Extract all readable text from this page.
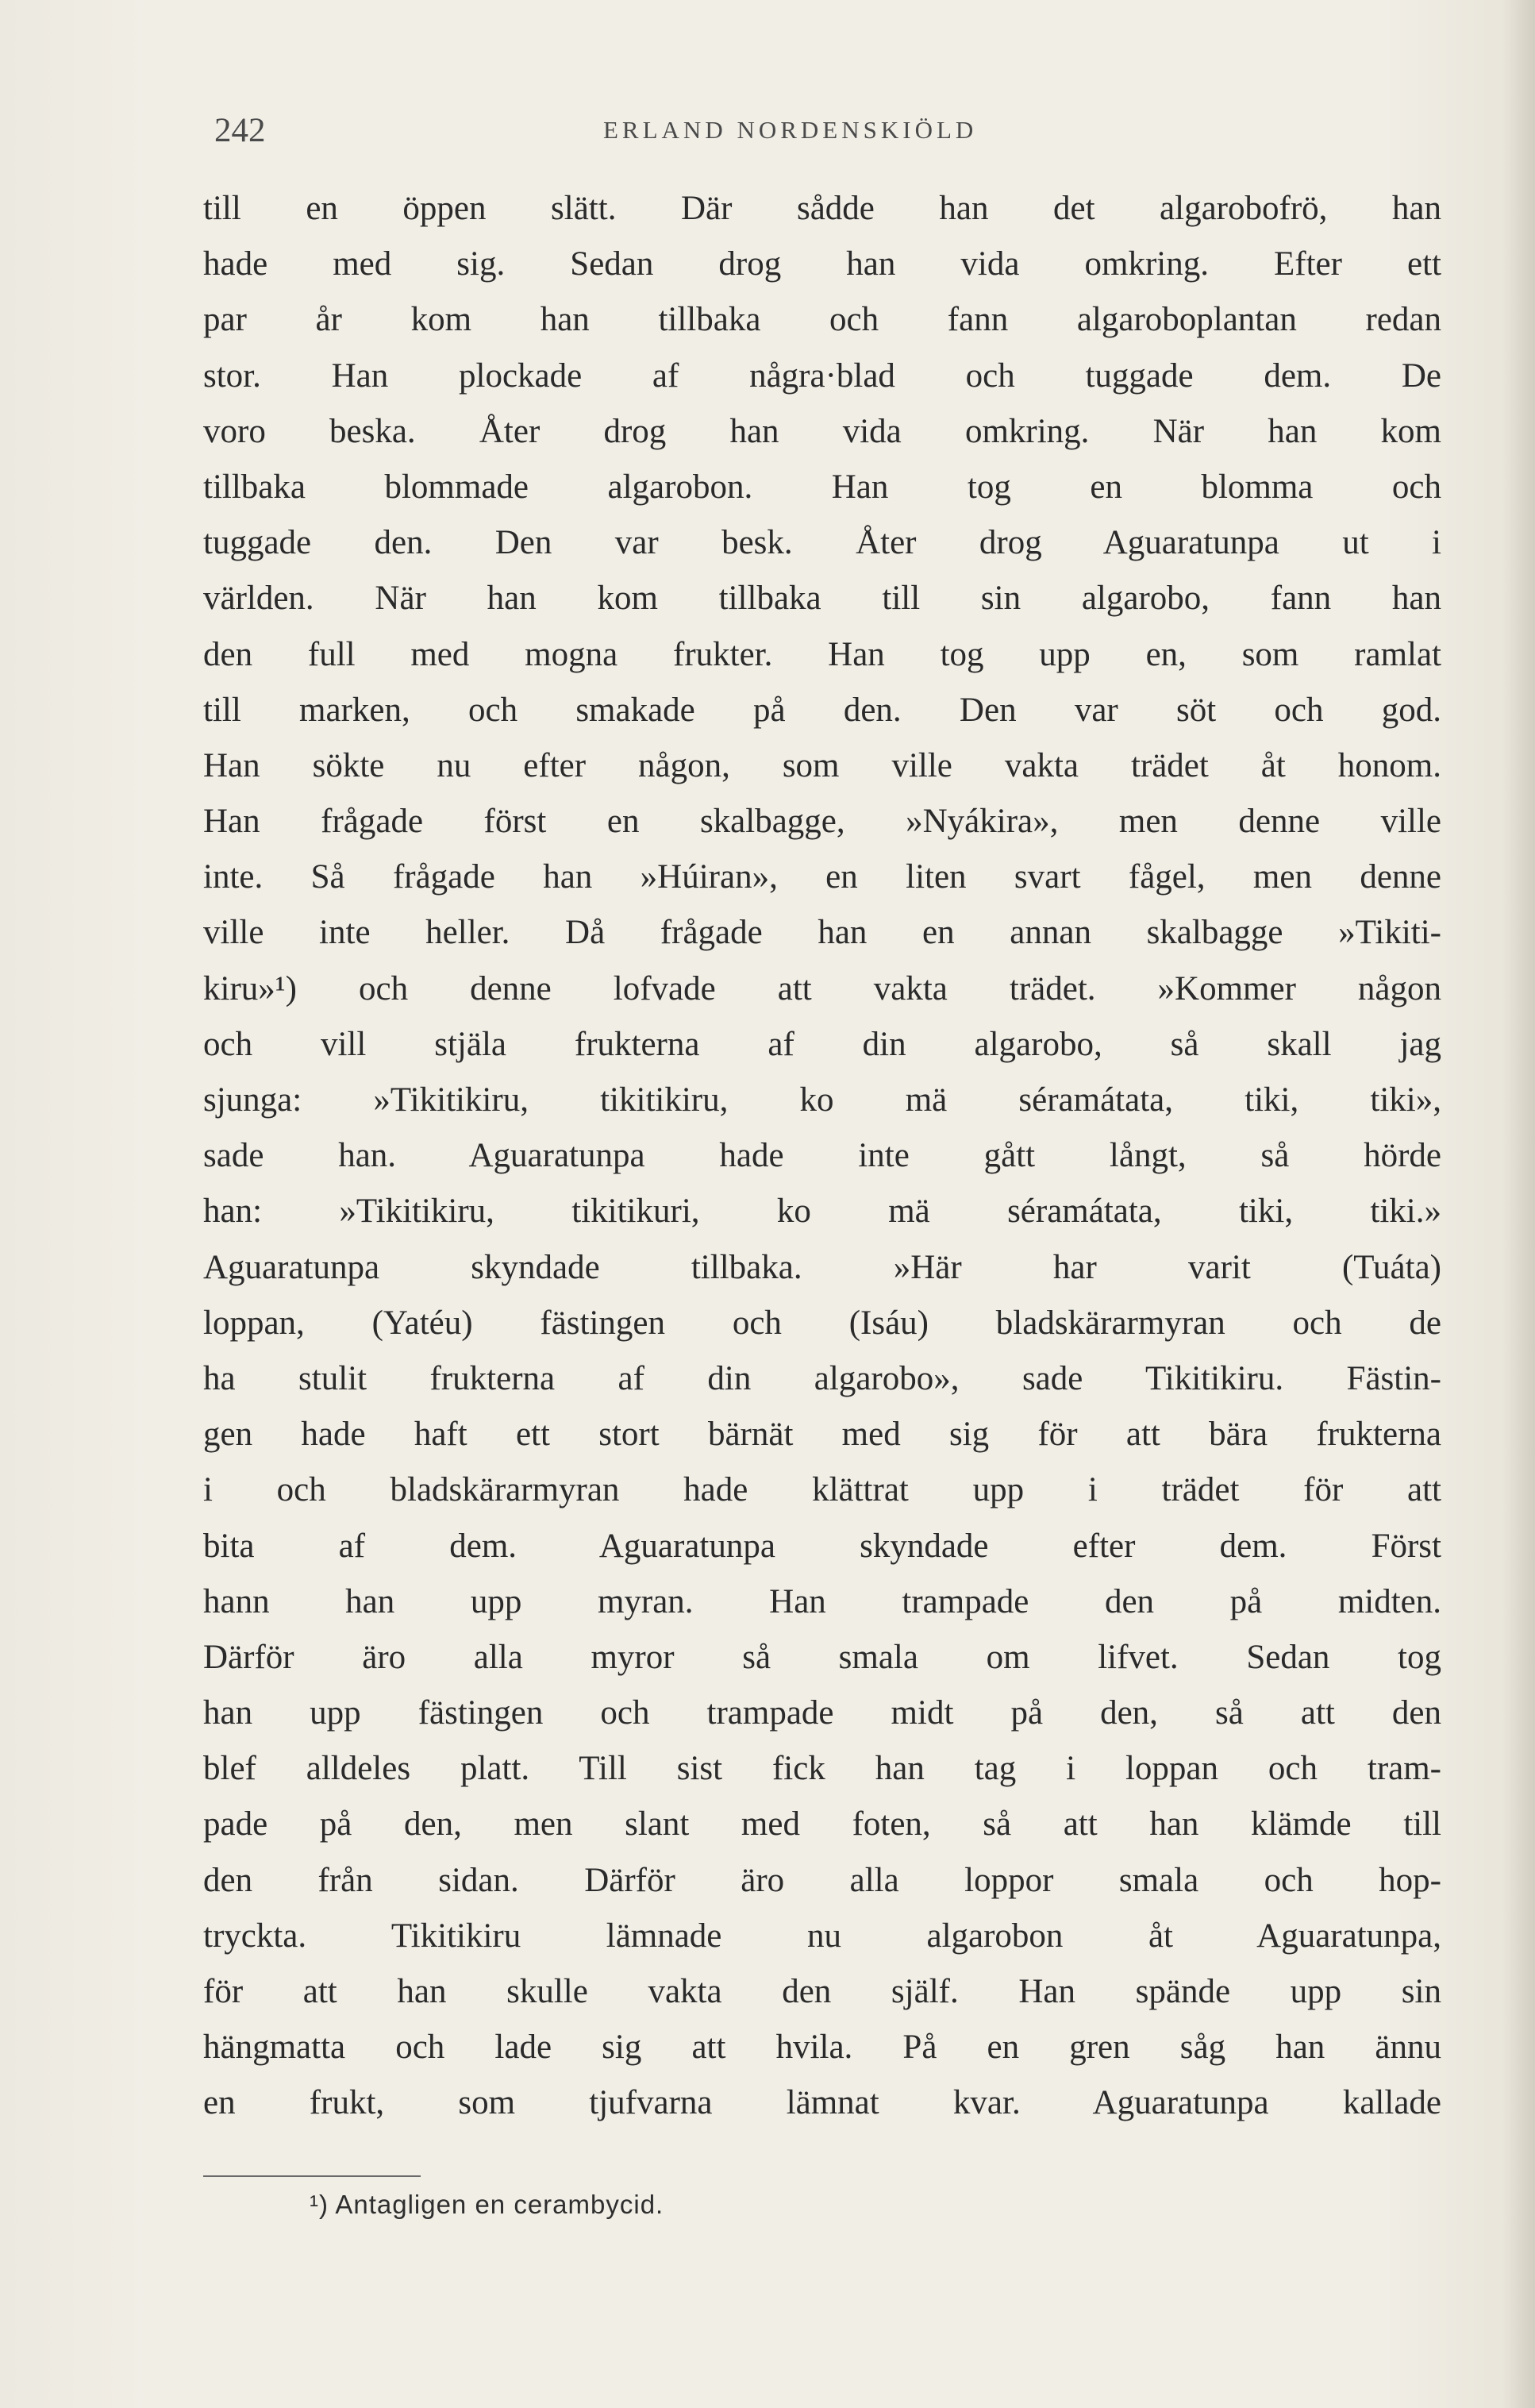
242	ERLAND NORDENSKIÖLD
till en öppen slätt. Där sådde han det algarobofrö, han
hade med sig. Sedan drog han vida omkring. Efter ett
par år kom han tillbaka och fann algaroboplantan redan
stor. Han plockade af några·blad och tuggade dem. De
voro beska. Åter drog han vida omkring. När han kom
tillbaka blommade algarobon. Han tog en blomma och
tuggade den. Den var besk. Åter drog Aguaratunpa ut i
världen. När han kom tillbaka till sin algarobo, fann han
den full med mogna frukter. Han tog upp en, som ramlat
till marken, och smakade på den. Den var söt och god.
Han sökte nu efter någon, som ville vakta trädet åt honom.
Han frågade först en skalbagge, »Nyákira», men denne ville
inte. Så frågade han »Húiran», en liten svart fågel, men denne
ville inte heller. Då frågade han en annan skalbagge »Tikiti-
kiru»¹) och denne lofvade att vakta trädet. »Kommer någon
och vill stjäla frukterna af din algarobo, så skall jag
sjunga: »Tikitikiru, tikitikiru, ko mä séramátata, tiki, tiki»,
sade han. Aguaratunpa hade inte gått långt, så hörde
han: »Tikitikiru, tikitikuri, ko mä séramátata, tiki, tiki.»
Aguaratunpa skyndade tillbaka. »Här har varit (Tuáta)
loppan, (Yatéu) fästingen och (Isáu) bladskärarmyran och de
ha stulit frukterna af din algarobo», sade Tikitikiru. Fästin-
gen hade haft ett stort bärnät med sig för att bära frukterna
i och bladskärarmyran hade klättrat upp i trädet för att
bita af dem. Aguaratunpa skyndade efter dem. Först
hann han upp myran. Han trampade den på midten.
Därför äro alla myror så smala om lifvet. Sedan tog
han upp fästingen och trampade midt på den, så att den
blef alldeles platt. Till sist fick han tag i loppan och tram-
pade på den, men slant med foten, så att han klämde till
den från sidan. Därför äro alla loppor smala och hop-
tryckta. Tikitikiru lämnade nu algarobon åt Aguaratunpa,
för att han skulle vakta den själf. Han spände upp sin
hängmatta och lade sig att hvila. På en gren såg han ännu
en frukt, som tjufvarna lämnat kvar. Aguaratunpa kallade
¹) Antagligen en cerambycid.
